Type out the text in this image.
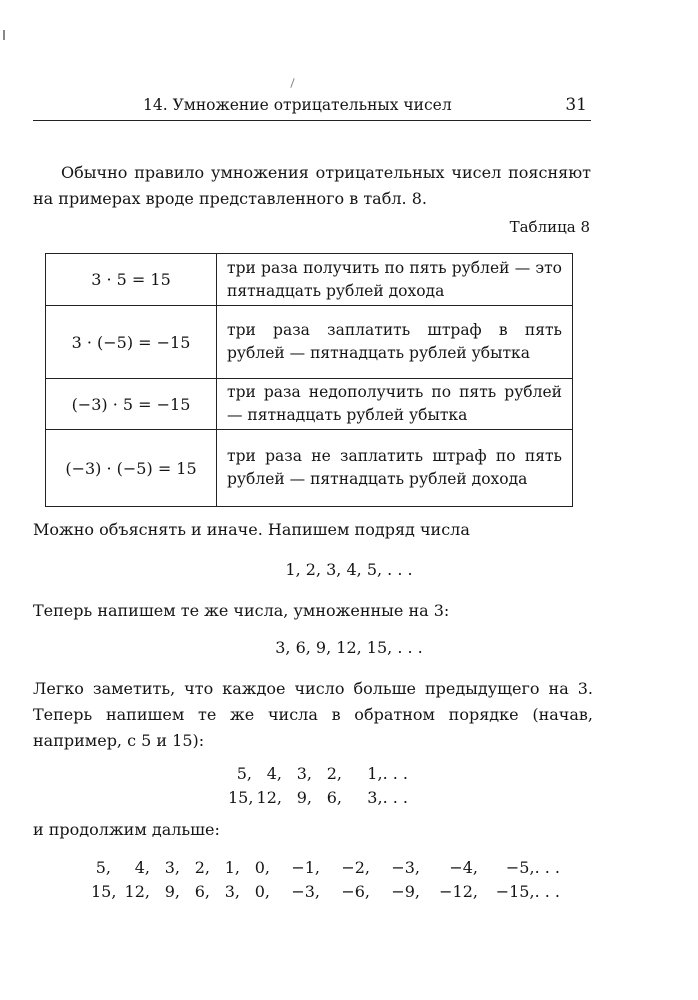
14. Умножение отрицательных чисел	31

Обычно правило умножения отрицательных чисел поясняют на примерах вроде представленного в табл. 8.

Таблица 8
3 · 5 = 15	три раза получить по пять рублей — это пятнадцать рублей дохода
3 · (−5) = −15	три раза заплатить штраф в пять рублей — пятнадцать рублей убытка
(−3) · 5 = −15	три раза недополучить по пять рублей — пятнадцать рублей убытка
(−3) · (−5) = 15	три раза не заплатить штраф по пять рублей — пятнадцать рублей дохода
Можно объяснять и иначе. Напишем подряд числа
1, 2, 3, 4, 5, . . .
Теперь напишем те же числа, умноженные на 3:
3, 6, 9, 12, 15, . . .

Легко заметить, что каждое число больше предыдущего на 3. Теперь напишем те же числа в обратном порядке (начав, например, с 5 и 15):

5, 4, 3, 2,	1,. . .
15, 12, 9, 6,	3,. . .
и продолжим дальше:
5,	4, 3, 2, 1, 0,	−1,	−2,	−3,	−4,	−5,. . .
15, 12, 9, 6, 3, 0,	−3,	−6,	−9,	−12,	−15,. . .
